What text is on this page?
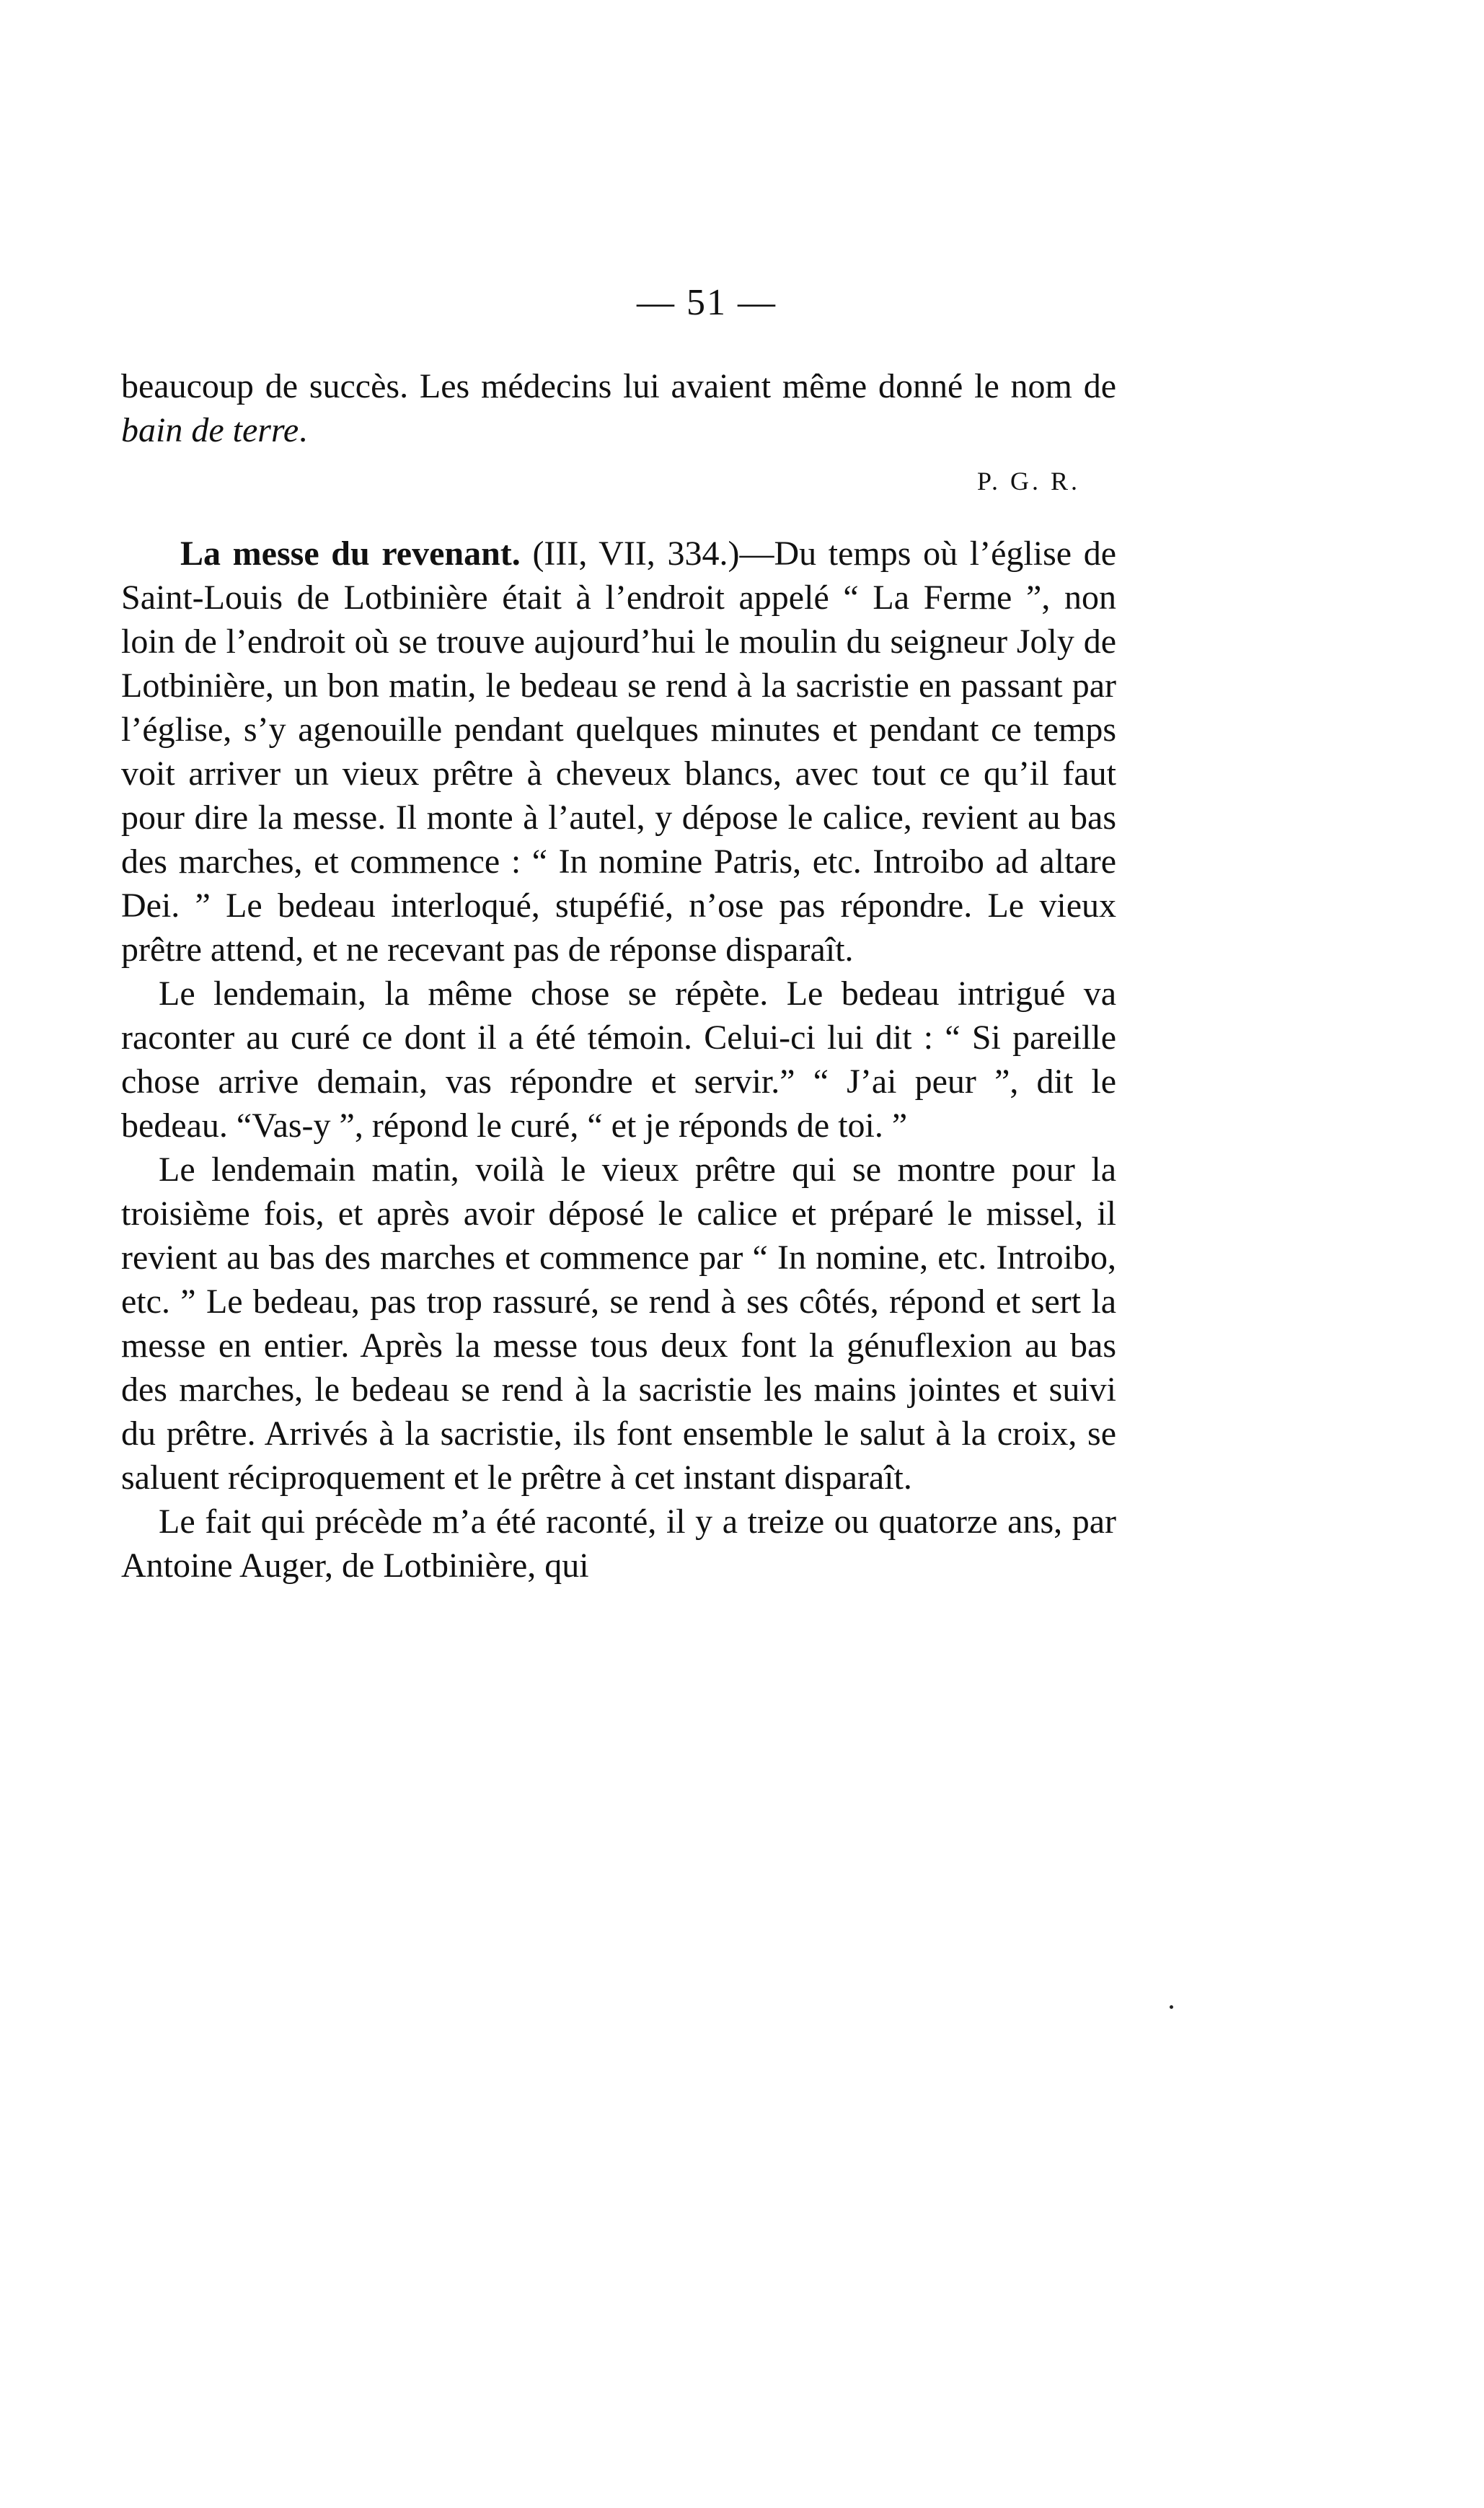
— 51 —

beaucoup de succès. Les médecins lui avaient même donné le nom de bain de terre.

P. G. R.

La messe du revenant. (III, VII, 334.)—Du temps où l’église de Saint-Louis de Lotbinière était à l’endroit appelé “ La Ferme ”, non loin de l’endroit où se trouve aujourd’hui le moulin du seigneur Joly de Lotbinière, un bon matin, le bedeau se rend à la sacristie en passant par l’église, s’y agenouille pendant quelques minutes et pendant ce temps voit arriver un vieux prêtre à cheveux blancs, avec tout ce qu’il faut pour dire la messe. Il monte à l’autel, y dépose le calice, revient au bas des marches, et commence : “ In nomine Patris, etc. Introibo ad altare Dei. ” Le bedeau interloqué, stupéfié, n’ose pas répondre. Le vieux prêtre attend, et ne recevant pas de réponse disparaît.

Le lendemain, la même chose se répète. Le bedeau intrigué va raconter au curé ce dont il a été témoin. Celui-ci lui dit : “ Si pareille chose arrive demain, vas répondre et servir.” “ J’ai peur ”, dit le bedeau. “Vas-y ”, répond le curé, “ et je réponds de toi. ”

Le lendemain matin, voilà le vieux prêtre qui se montre pour la troisième fois, et après avoir déposé le calice et préparé le missel, il revient au bas des marches et commence par “ In nomine, etc. Introibo, etc. ” Le bedeau, pas trop rassuré, se rend à ses côtés, répond et sert la messe en entier. Après la messe tous deux font la génuflexion au bas des marches, le bedeau se rend à la sacristie les mains jointes et suivi du prêtre. Arrivés à la sacristie, ils font ensemble le salut à la croix, se saluent réciproquement et le prêtre à cet instant disparaît.

Le fait qui précède m’a été raconté, il y a treize ou quatorze ans, par Antoine Auger, de Lotbinière, qui
